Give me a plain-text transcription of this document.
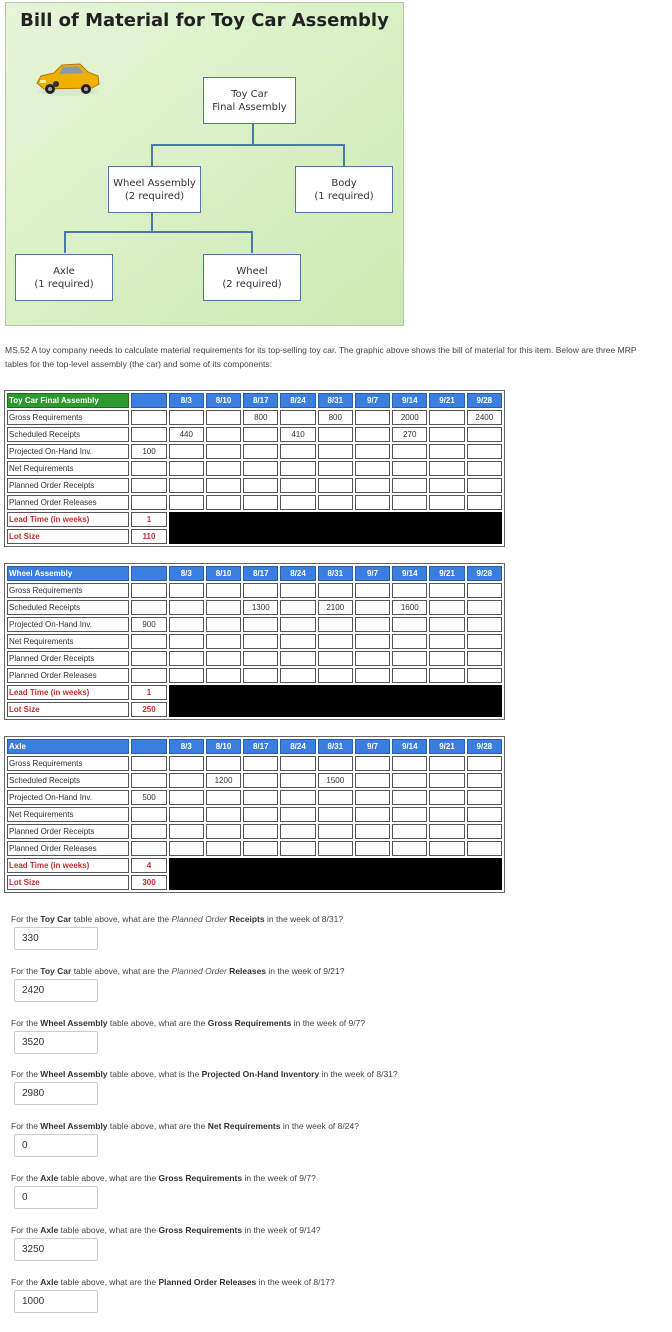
Bill of Material for Toy Car Assembly
Toy Car
Final Assembly
Wheel Assembly
(2 required)
Body
(1 required)
Axle
(1 required)
Wheel
(2 required)
MS.52 A toy company needs to calculate material requirements for its top-selling toy car. The graphic above shows the bill of material for this item. Below are three MRP tables for the top-level assembly (the car) and some of its components:
Toy Car Final Assembly		8/3	8/10	8/17	8/24	8/31	9/7	9/14	9/21	9/28
Gross Requirements				800		800		2000		2400
Scheduled Receipts		440			410			270		
Projected On-Hand Inv.	100									
Net Requirements										
Planned Order Receipts										
Planned Order Releases										
Lead Time (in weeks)	1									
Lot Size	110									
Wheel Assembly		8/3	8/10	8/17	8/24	8/31	9/7	9/14	9/21	9/28
Gross Requirements										
Scheduled Receipts				1300		2100		1600		
Projected On-Hand Inv.	900									
Net Requirements										
Planned Order Receipts										
Planned Order Releases										
Lead Time (in weeks)	1									
Lot Size	250									
Axle		8/3	8/10	8/17	8/24	8/31	9/7	9/14	9/21	9/28
Gross Requirements										
Scheduled Receipts			1200			1500				
Projected On-Hand Inv.	500									
Net Requirements										
Planned Order Receipts										
Planned Order Releases										
Lead Time (in weeks)	4									
Lot Size	300									
For the Toy Car table above, what are the Planned Order Receipts in the week of 8/31?
330
For the Toy Car table above, what are the Planned Order Releases in the week of 9/21?
2420
For the Wheel Assembly table above, what are the Gross Requirements in the week of 9/7?
3520
For the Wheel Assembly table above, what is the Projected On-Hand Inventory in the week of 8/31?
2980
For the Wheel Assembly table above, what are the Net Requirements in the week of 8/24?
0
For the Axle table above, what are the Gross Requirements in the week of 9/7?
0
For the Axle table above, what are the Gross Requirements in the week of 9/14?
3250
For the Axle table above, what are the Planned Order Releases in the week of 8/17?
1000
